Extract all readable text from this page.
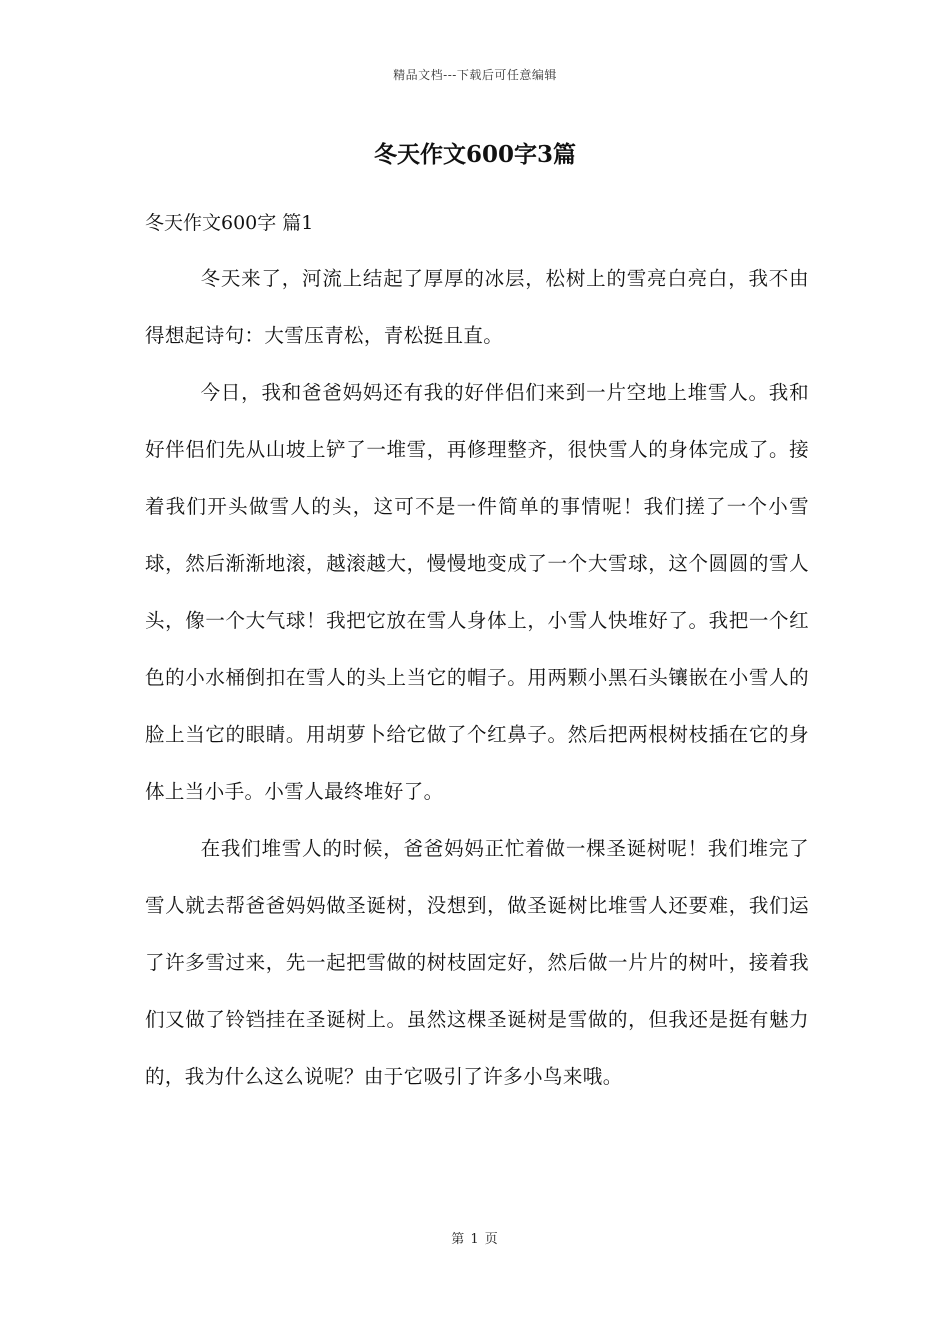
精品文档---下载后可任意编辑
冬天作文600字3篇
冬天作文600字 篇1

冬天来了，河流上结起了厚厚的冰层，松树上的雪亮白亮白，我不由得想起诗句：大雪压青松，青松挺且直。

今日，我和爸爸妈妈还有我的好伴侣们来到一片空地上堆雪人。我和好伴侣们先从山坡上铲了一堆雪，再修理整齐，很快雪人的身体完成了。接着我们开头做雪人的头，这可不是一件简单的事情呢！我们搓了一个小雪球，然后渐渐地滚，越滚越大，慢慢地变成了一个大雪球，这个圆圆的雪人头，像一个大气球！我把它放在雪人身体上，小雪人快堆好了。我把一个红色的小水桶倒扣在雪人的头上当它的帽子。用两颗小黑石头镶嵌在小雪人的脸上当它的眼睛。用胡萝卜给它做了个红鼻子。然后把两根树枝插在它的身体上当小手。小雪人最终堆好了。

在我们堆雪人的时候，爸爸妈妈正忙着做一棵圣诞树呢！我们堆完了雪人就去帮爸爸妈妈做圣诞树，没想到，做圣诞树比堆雪人还要难，我们运了许多雪过来，先一起把雪做的树枝固定好，然后做一片片的树叶，接着我们又做了铃铛挂在圣诞树上。虽然这棵圣诞树是雪做的，但我还是挺有魅力的，我为什么这么说呢？由于它吸引了许多小鸟来哦。

第 1 页
